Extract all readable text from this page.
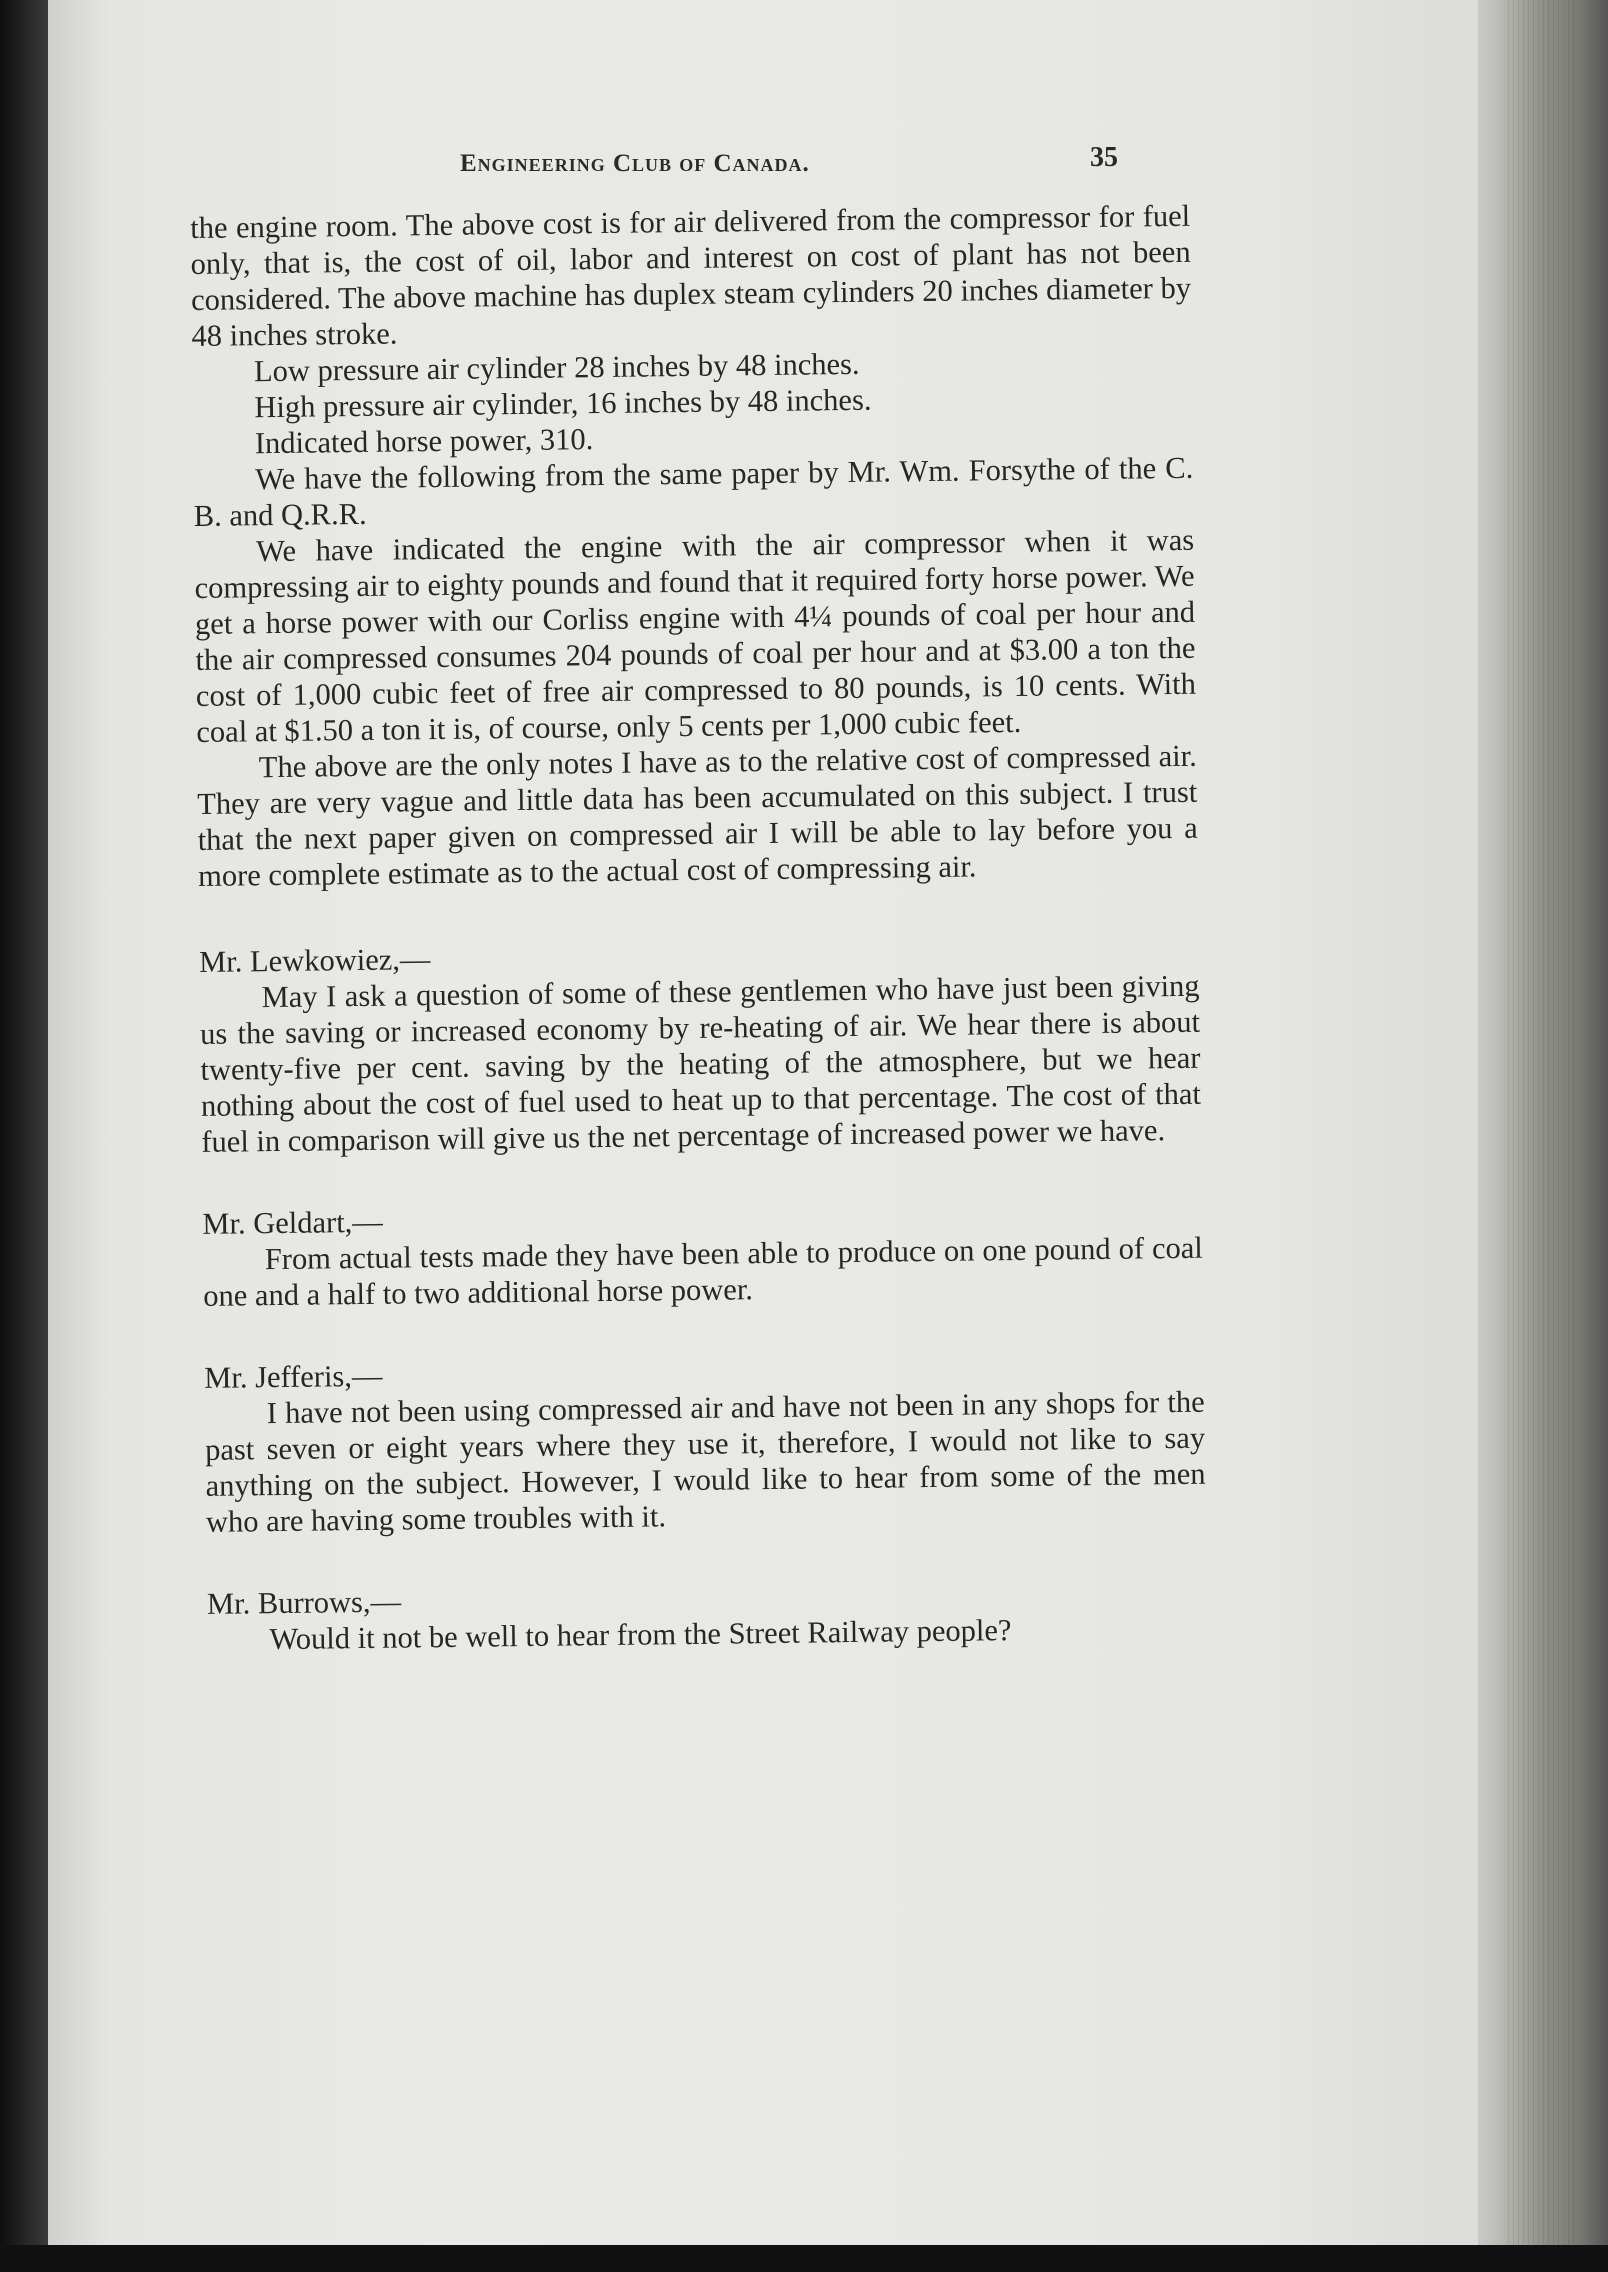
Engineering Club of Canada.	35

the engine room. The above cost is for air delivered from the compressor for fuel only, that is, the cost of oil, labor and interest on cost of plant has not been considered. The above machine has duplex steam cylinders 20 inches diameter by 48 inches stroke.

Low pressure air cylinder 28 inches by 48 inches.

High pressure air cylinder, 16 inches by 48 inches.

Indicated horse power, 310.

We have the following from the same paper by Mr. Wm. Forsythe of the C. B. and Q.R.R.

We have indicated the engine with the air compressor when it was compressing air to eighty pounds and found that it required forty horse power. We get a horse power with our Corliss engine with 4¼ pounds of coal per hour and the air compressed consumes 204 pounds of coal per hour and at $3.00 a ton the cost of 1,000 cubic feet of free air compressed to 80 pounds, is 10 cents. With coal at $1.50 a ton it is, of course, only 5 cents per 1,000 cubic feet.

The above are the only notes I have as to the relative cost of compressed air. They are very vague and little data has been accumulated on this subject. I trust that the next paper given on compressed air I will be able to lay before you a more complete estimate as to the actual cost of compressing air.

Mr. Lewkowiez,—

May I ask a question of some of these gentlemen who have just been giving us the saving or increased economy by re-heating of air. We hear there is about twenty-five per cent. saving by the heating of the atmosphere, but we hear nothing about the cost of fuel used to heat up to that percentage. The cost of that fuel in comparison will give us the net percentage of increased power we have.

Mr. Geldart,—

From actual tests made they have been able to produce on one pound of coal one and a half to two additional horse power.

Mr. Jefferis,—

I have not been using compressed air and have not been in any shops for the past seven or eight years where they use it, therefore, I would not like to say anything on the subject. However, I would like to hear from some of the men who are having some troubles with it.

Mr. Burrows,—

Would it not be well to hear from the Street Railway people?
